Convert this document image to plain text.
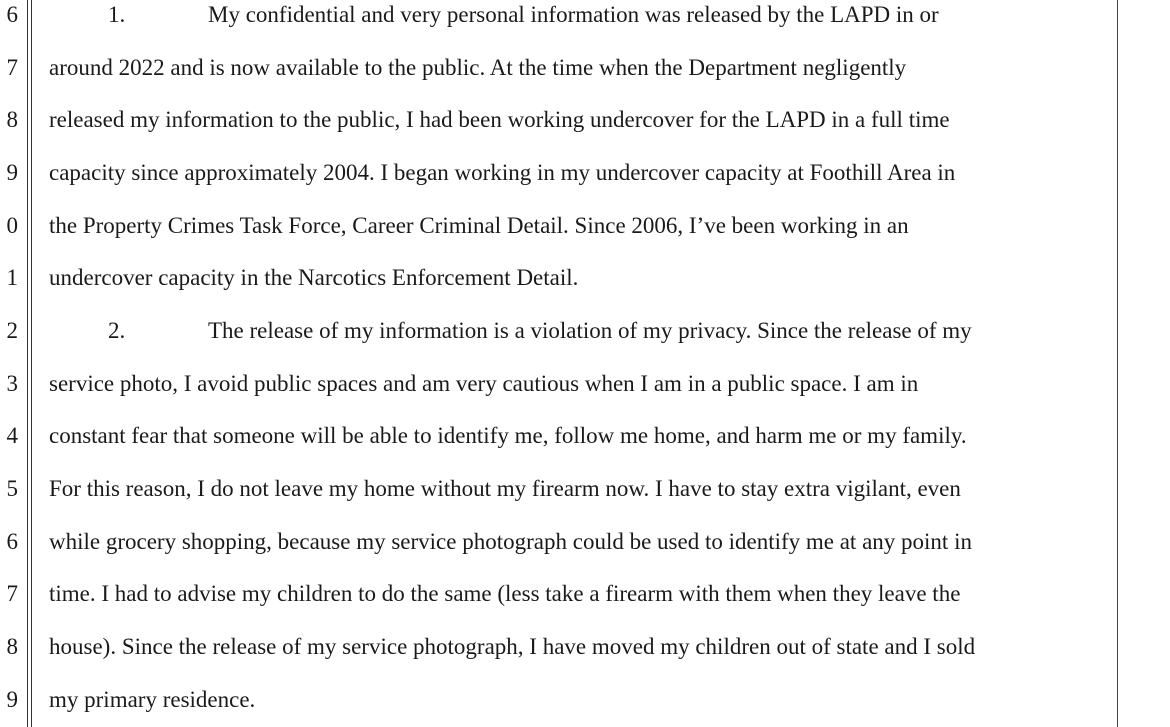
6
7
8
9
0
1
2
3
4
5
6
7
8
9
1.	My confidential and very personal information was released by the LAPD in or
around 2022 and is now available to the public. At the time when the Department negligently
released my information to the public, I had been working undercover for the LAPD in a full time
capacity since approximately 2004. I began working in my undercover capacity at Foothill Area in
the Property Crimes Task Force, Career Criminal Detail. Since 2006, I’ve been working in an
undercover capacity in the Narcotics Enforcement Detail.
2.	The release of my information is a violation of my privacy. Since the release of my
service photo, I avoid public spaces and am very cautious when I am in a public space. I am in
constant fear that someone will be able to identify me, follow me home, and harm me or my family.
For this reason, I do not leave my home without my firearm now. I have to stay extra vigilant, even
while grocery shopping, because my service photograph could be used to identify me at any point in
time. I had to advise my children to do the same (less take a firearm with them when they leave the
house). Since the release of my service photograph, I have moved my children out of state and I sold
my primary residence.
